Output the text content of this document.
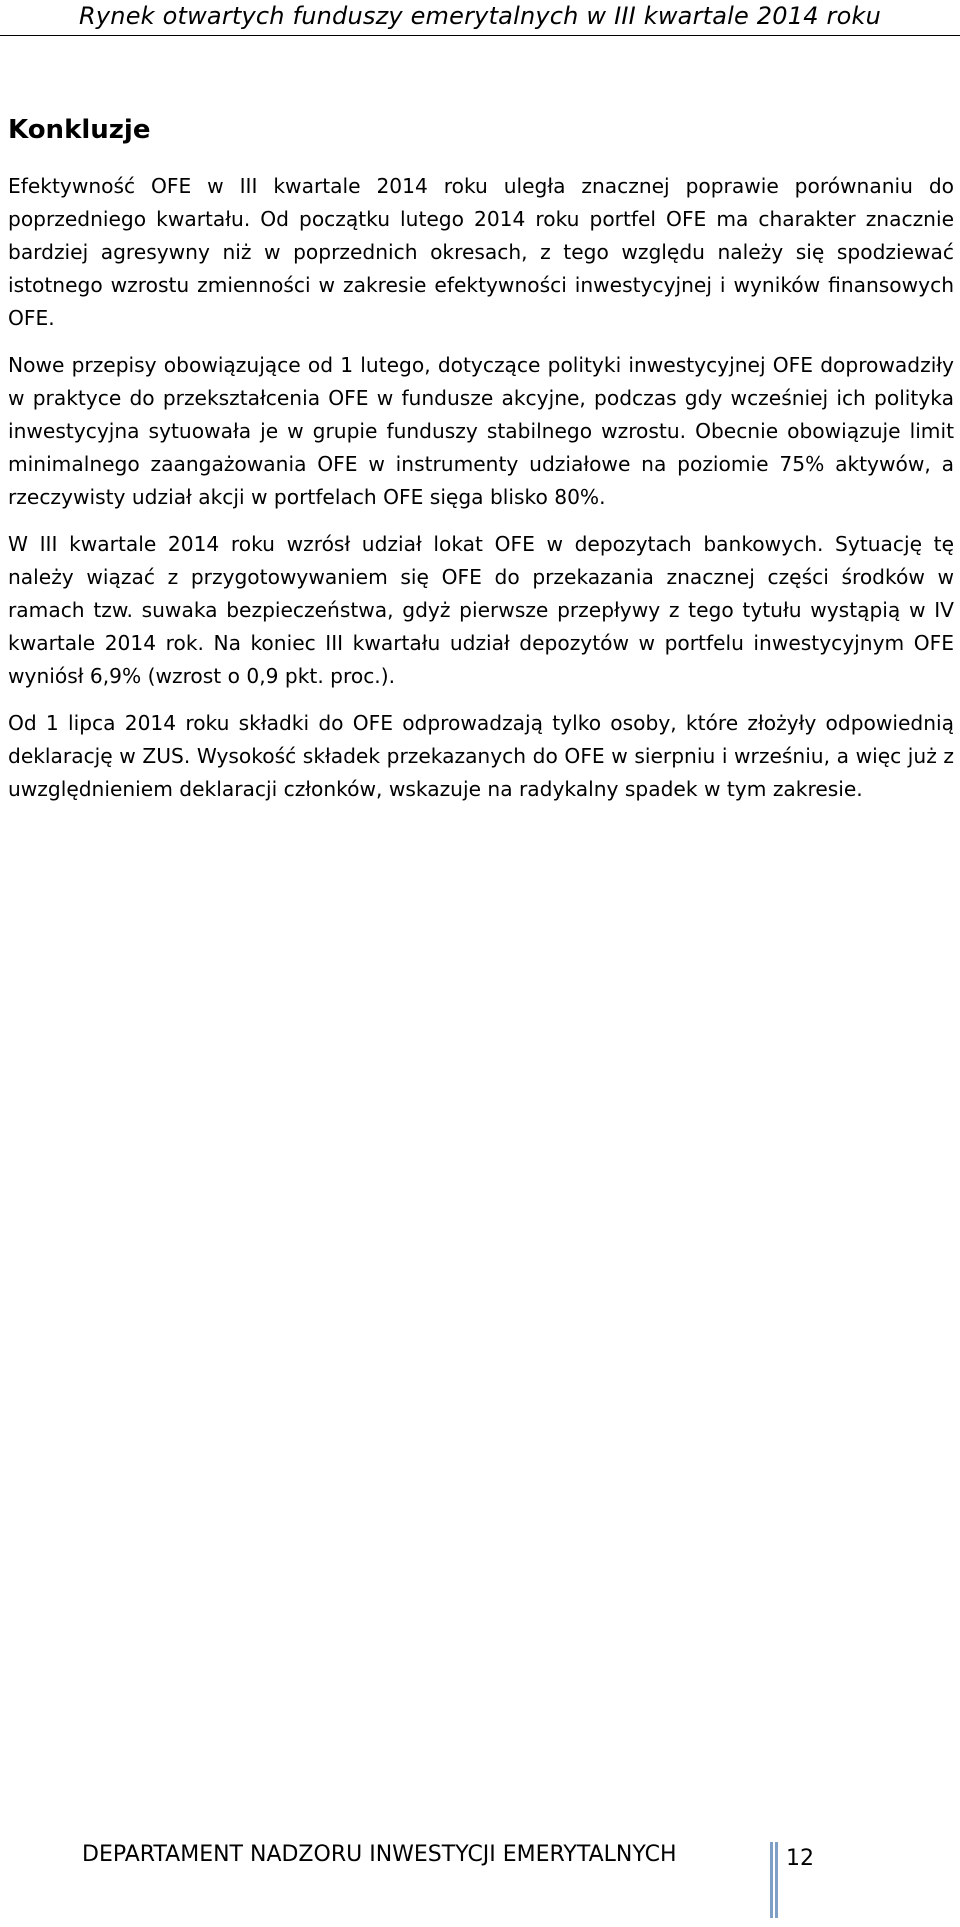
Rynek otwartych funduszy emerytalnych w III kwartale 2014 roku
Konkluzje

Efektywność OFE w III kwartale 2014 roku uległa znacznej poprawie porównaniu do poprzedniego kwartału. Od początku lutego 2014 roku portfel OFE ma charakter znacznie bardziej agresywny niż w poprzednich okresach, z tego względu należy się spodziewać istotnego wzrostu zmienności w zakresie efektywności inwestycyjnej i wyników finansowych OFE.

Nowe przepisy obowiązujące od 1 lutego, dotyczące polityki inwestycyjnej OFE doprowadziły w praktyce do przekształcenia OFE w fundusze akcyjne, podczas gdy wcześniej ich polityka inwestycyjna sytuowała je w grupie funduszy stabilnego wzrostu. Obecnie obowiązuje limit minimalnego zaangażowania OFE w instrumenty udziałowe na poziomie 75% aktywów, a rzeczywisty udział akcji w portfelach OFE sięga blisko 80%.

W III kwartale 2014 roku wzrósł udział lokat OFE w depozytach bankowych. Sytuację tę należy wiązać z przygotowywaniem się OFE do przekazania znacznej części środków w ramach tzw. suwaka bezpieczeństwa, gdyż pierwsze przepływy z tego tytułu wystąpią w IV kwartale 2014 rok. Na koniec III kwartału udział depozytów w portfelu inwestycyjnym OFE wyniósł 6,9% (wzrost o 0,9 pkt. proc.).

Od 1 lipca 2014 roku składki do OFE odprowadzają tylko osoby, które złożyły odpowiednią deklarację w ZUS. Wysokość składek przekazanych do OFE w sierpniu i wrześniu, a więc już z uwzględnieniem deklaracji członków, wskazuje na radykalny spadek w tym zakresie.

DEPARTAMENT NADZORU INWESTYCJI EMERYTALNYCH	12
